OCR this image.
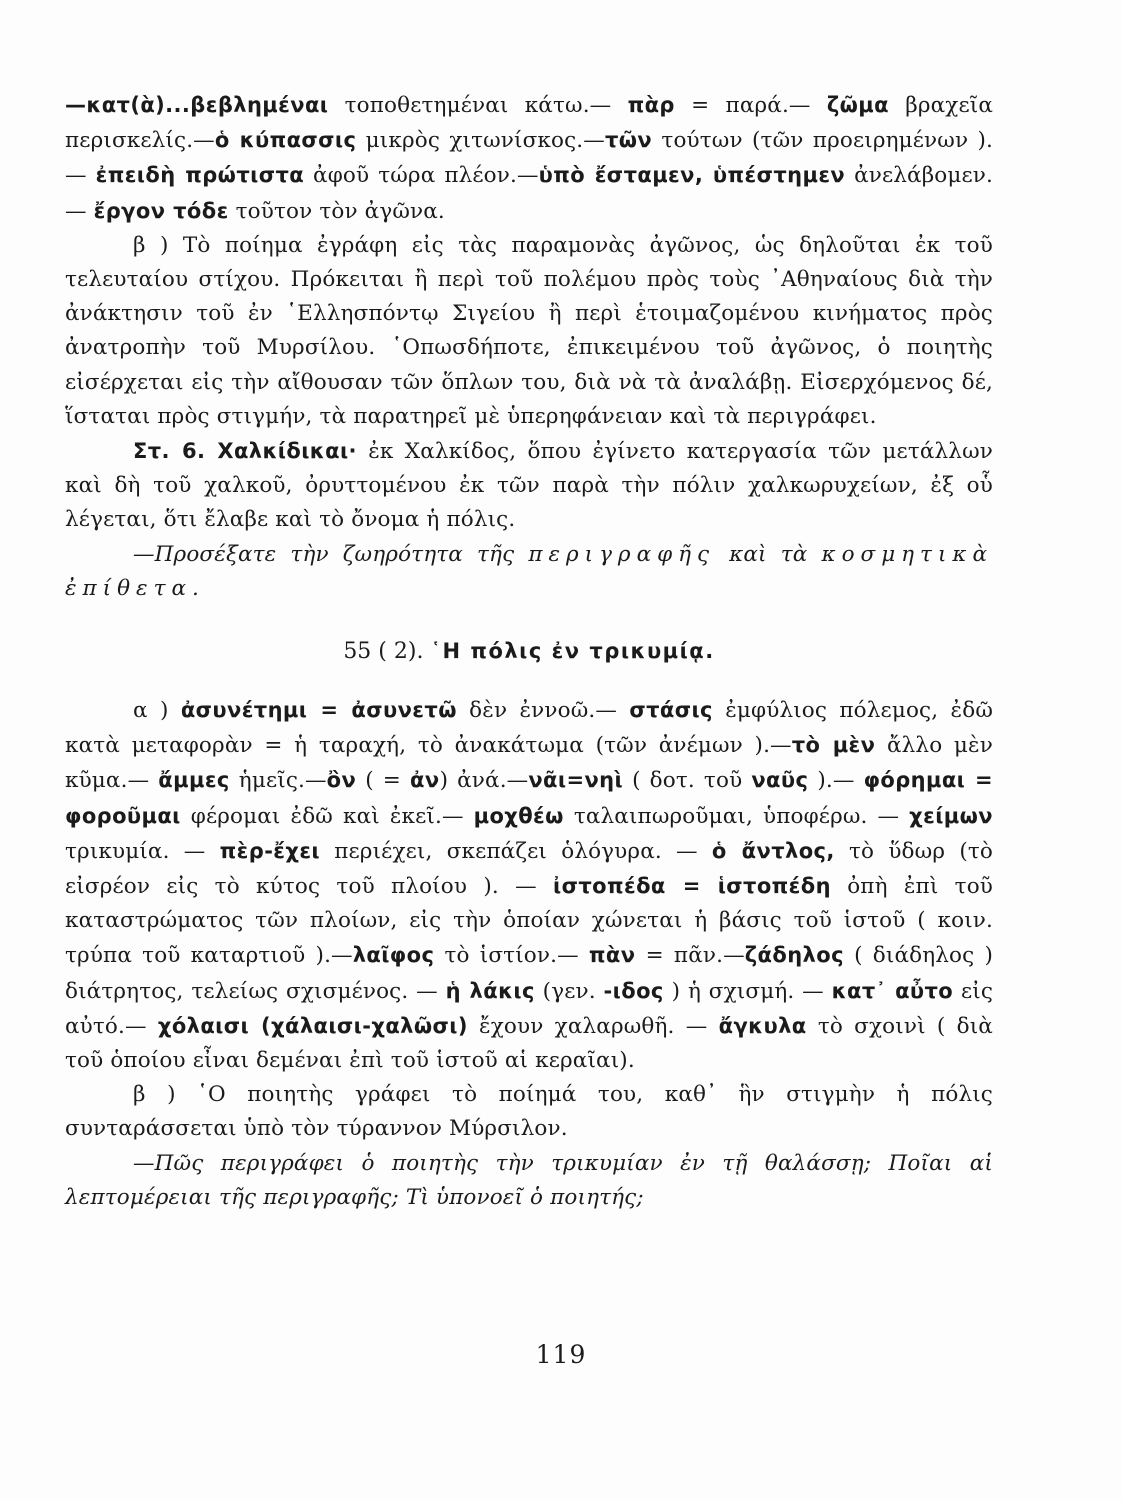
—κατ(ὰ)...βεβλημέναι τοποθετημέναι κάτω.— πὰρ = παρά.— ζῶμα βραχεῖα περισκελίς.—ὁ κύπασσις μικρὸς χιτωνίσκος.—τῶν τούτων (τῶν προειρημένων ).— ἐπειδὴ πρώτιστα ἀφοῦ τώρα πλέον.—ὑπὸ ἔσταμεν, ὑπέστημεν ἀνελάβομεν.— ἔργον τόδε τοῦτον τὸν ἀγῶνα.

β ) Τὸ ποίημα ἐγράφη εἰς τὰς παραμονὰς ἀγῶνος, ὡς δηλοῦται ἐκ τοῦ τελευταίου στίχου. Πρόκειται ἢ περὶ τοῦ πολέμου πρὸς τοὺς ᾿Αθηναίους διὰ τὴν ἀνάκτησιν τοῦ ἐν ῾Ελλησπόντῳ Σιγείου ἢ περὶ ἑτοιμαζομένου κινήματος πρὸς ἀνατροπὴν τοῦ Μυρσίλου. ῾Οπωσδήποτε, ἐπικειμένου τοῦ ἀγῶνος, ὁ ποιητὴς εἰσέρχεται εἰς τὴν αἴθουσαν τῶν ὅπλων του, διὰ νὰ τὰ ἀναλάβῃ. Εἰσερχόμενος δέ, ἵσταται πρὸς στιγμήν, τὰ παρατηρεῖ μὲ ὑπερηφάνειαν καὶ τὰ περιγράφει.

Στ. 6. Χαλκίδικαι· ἐκ Χαλκίδος, ὅπου ἐγίνετο κατεργασία τῶν μετάλλων καὶ δὴ τοῦ χαλκοῦ, ὀρυττομένου ἐκ τῶν παρὰ τὴν πόλιν χαλκωρυχείων, ἐξ οὗ λέγεται, ὅτι ἔλαβε καὶ τὸ ὄνομα ἡ πόλις.

—Προσέξατε τὴν ζωηρότητα τῆς περιγραφῆς καὶ τὰ κοσμητικὰ ἐπίθετα.

55 ( 2). ῾Η πόλις ἐν τρικυμίᾳ.

α ) ἀσυνέτημι = ἀσυνετῶ δὲν ἐννοῶ.— στάσις ἐμφύλιος πόλεμος, ἐδῶ κατὰ μεταφορὰν = ἡ ταραχή, τὸ ἀνακάτωμα (τῶν ἀνέμων ).—τὸ μὲν ἄλλο μὲν κῦμα.— ἄμμες ἡμεῖς.—ὂν ( = ἀν) ἀνά.—νᾶι=νηὶ ( δοτ. τοῦ ναῦς ).— φόρημαι = φοροῦμαι φέρομαι ἐδῶ καὶ ἐκεῖ.— μοχθέω ταλαιπωροῦμαι, ὑποφέρω. — χείμων τρικυμία. — πὲρ-ἔχει περιέχει, σκεπάζει ὁλόγυρα. — ὁ ἄντλος, τὸ ὕδωρ (τὸ εἰσρέον εἰς τὸ κύτος τοῦ πλοίου ). — ἰστοπέδα = ἱστοπέδη ὀπὴ ἐπὶ τοῦ καταστρώματος τῶν πλοίων, εἰς τὴν ὁποίαν χώνεται ἡ βάσις τοῦ ἱστοῦ ( κοιν. τρύπα τοῦ καταρτιοῦ ).—λαῖφος τὸ ἱστίον.— πὰν = πᾶν.—ζάδηλος ( διάδηλος ) διάτρητος, τελείως σχισμένος. — ἡ λάκις (γεν. -ιδος ) ἡ σχισμή. — κατ᾿ αὖτο εἰς αὐτό.— χόλαισι (χάλαισι-χαλῶσι) ἔχουν χαλαρωθῆ. — ἄγκυλα τὸ σχοινὶ ( διὰ τοῦ ὁποίου εἶναι δεμέναι ἐπὶ τοῦ ἱστοῦ αἱ κεραῖαι).

β ) ῾Ο ποιητὴς γράφει τὸ ποίημά του, καθ᾿ ἣν στιγμὴν ἡ πόλις συνταράσσεται ὑπὸ τὸν τύραννον Μύρσιλον.

—Πῶς περιγράφει ὁ ποιητὴς τὴν τρικυμίαν ἐν τῇ θαλάσσῃ; Ποῖαι αἱ λεπτομέρειαι τῆς περιγραφῆς; Τὶ ὑπονοεῖ ὁ ποιητής;

119
